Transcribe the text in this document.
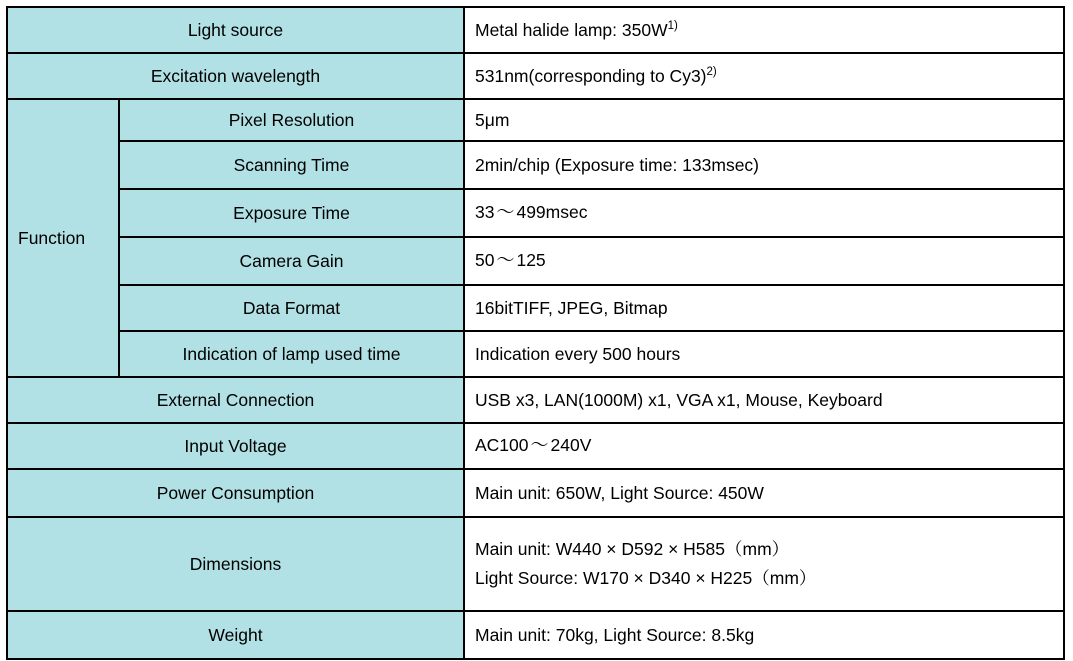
Light source		Metal halide lamp: $350W^{1)}$
Excitation wavelength		531nm(corresponding to Cy3)$^{2)}$
Function	Pixel Resolution	5μm
	Scanning Time	2min/chip (Exposure time: 133msec)
	Exposure Time	33 ～ 499msec
	Camera Gain	50 ～ 125
	Data Format	16bitTIFF, JPEG, Bitmap
	Indication of lamp used time	Indication every 500 hours
External Connection		USB x3, LAN(1000M) x1, VGA x1, Mouse, Keyboard
Input Voltage		AC100 ～ 240V
Power Consumption		Main unit: 650W, Light Source: 450W
Dimensions		Main unit: W440 × D592 × H585（mm）
Light Source: W170 × D340 × H225（mm）

Weight		Main unit: 70kg, Light Source: 8.5kg
